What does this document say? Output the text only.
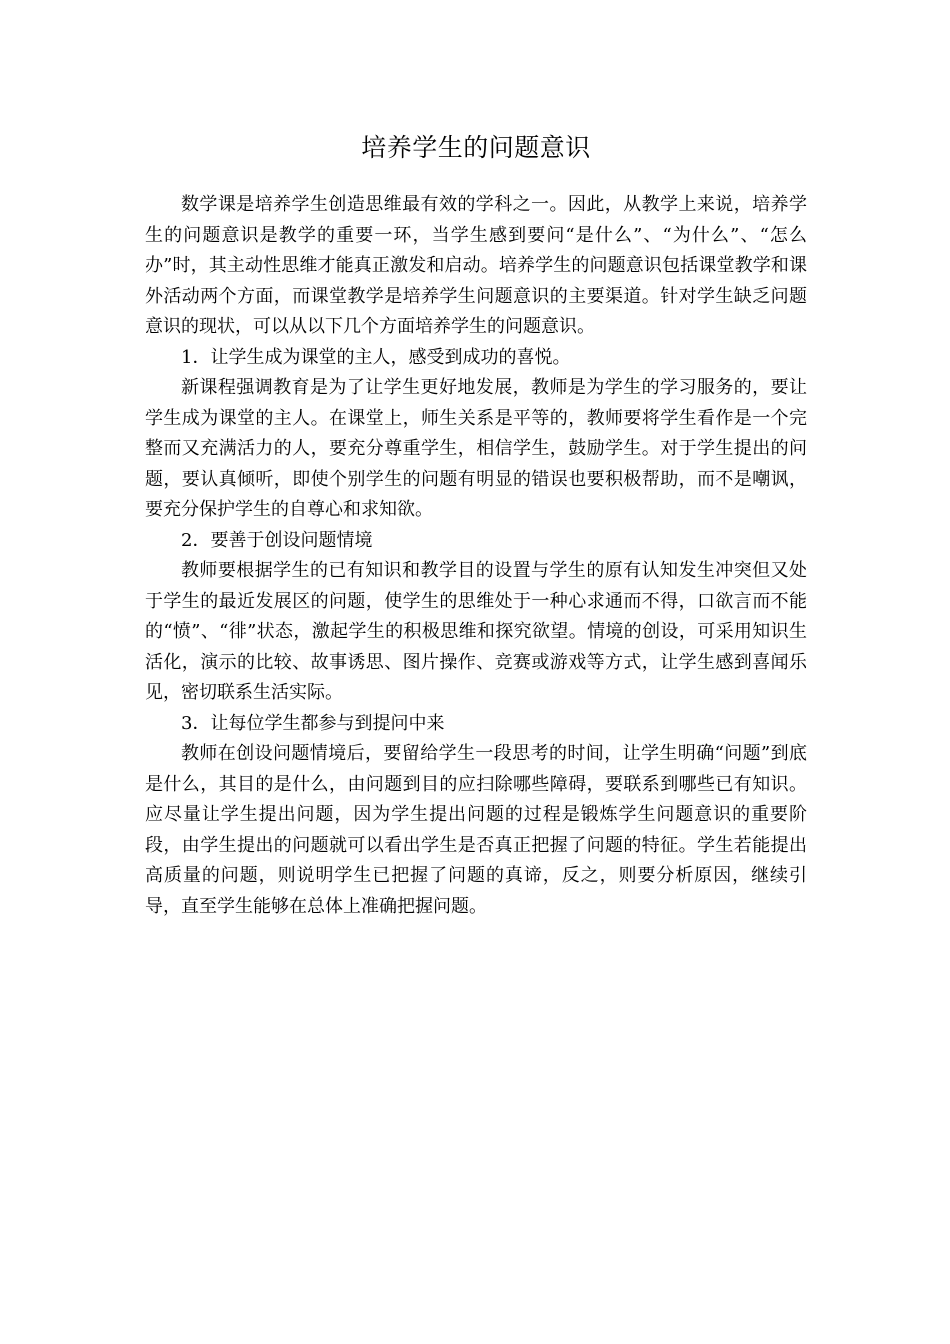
培养学生的问题意识

数学课是培养学生创造思维最有效的学科之一。因此，从教学上来说，培养学生的问题意识是教学的重要一环，当学生感到要问“是什么”、“为什么”、“怎么办”时，其主动性思维才能真正激发和启动。培养学生的问题意识包括课堂教学和课外活动两个方面，而课堂教学是培养学生问题意识的主要渠道。针对学生缺乏问题意识的现状，可以从以下几个方面培养学生的问题意识。

1．让学生成为课堂的主人，感受到成功的喜悦。

新课程强调教育是为了让学生更好地发展，教师是为学生的学习服务的，要让学生成为课堂的主人。在课堂上，师生关系是平等的，教师要将学生看作是一个完整而又充满活力的人，要充分尊重学生，相信学生，鼓励学生。对于学生提出的问题，要认真倾听，即使个别学生的问题有明显的错误也要积极帮助，而不是嘲讽，要充分保护学生的自尊心和求知欲。

2．要善于创设问题情境

教师要根据学生的已有知识和教学目的设置与学生的原有认知发生冲突但又处于学生的最近发展区的问题，使学生的思维处于一种心求通而不得，口欲言而不能的“愤”、“徘”状态，激起学生的积极思维和探究欲望。情境的创设，可采用知识生活化，演示的比较、故事诱思、图片操作、竞赛或游戏等方式，让学生感到喜闻乐见，密切联系生活实际。

3．让每位学生都参与到提问中来

教师在创设问题情境后，要留给学生一段思考的时间，让学生明确“问题”到底是什么，其目的是什么，由问题到目的应扫除哪些障碍，要联系到哪些已有知识。应尽量让学生提出问题，因为学生提出问题的过程是锻炼学生问题意识的重要阶段，由学生提出的问题就可以看出学生是否真正把握了问题的特征。学生若能提出高质量的问题，则说明学生已把握了问题的真谛，反之，则要分析原因，继续引导，直至学生能够在总体上准确把握问题。
